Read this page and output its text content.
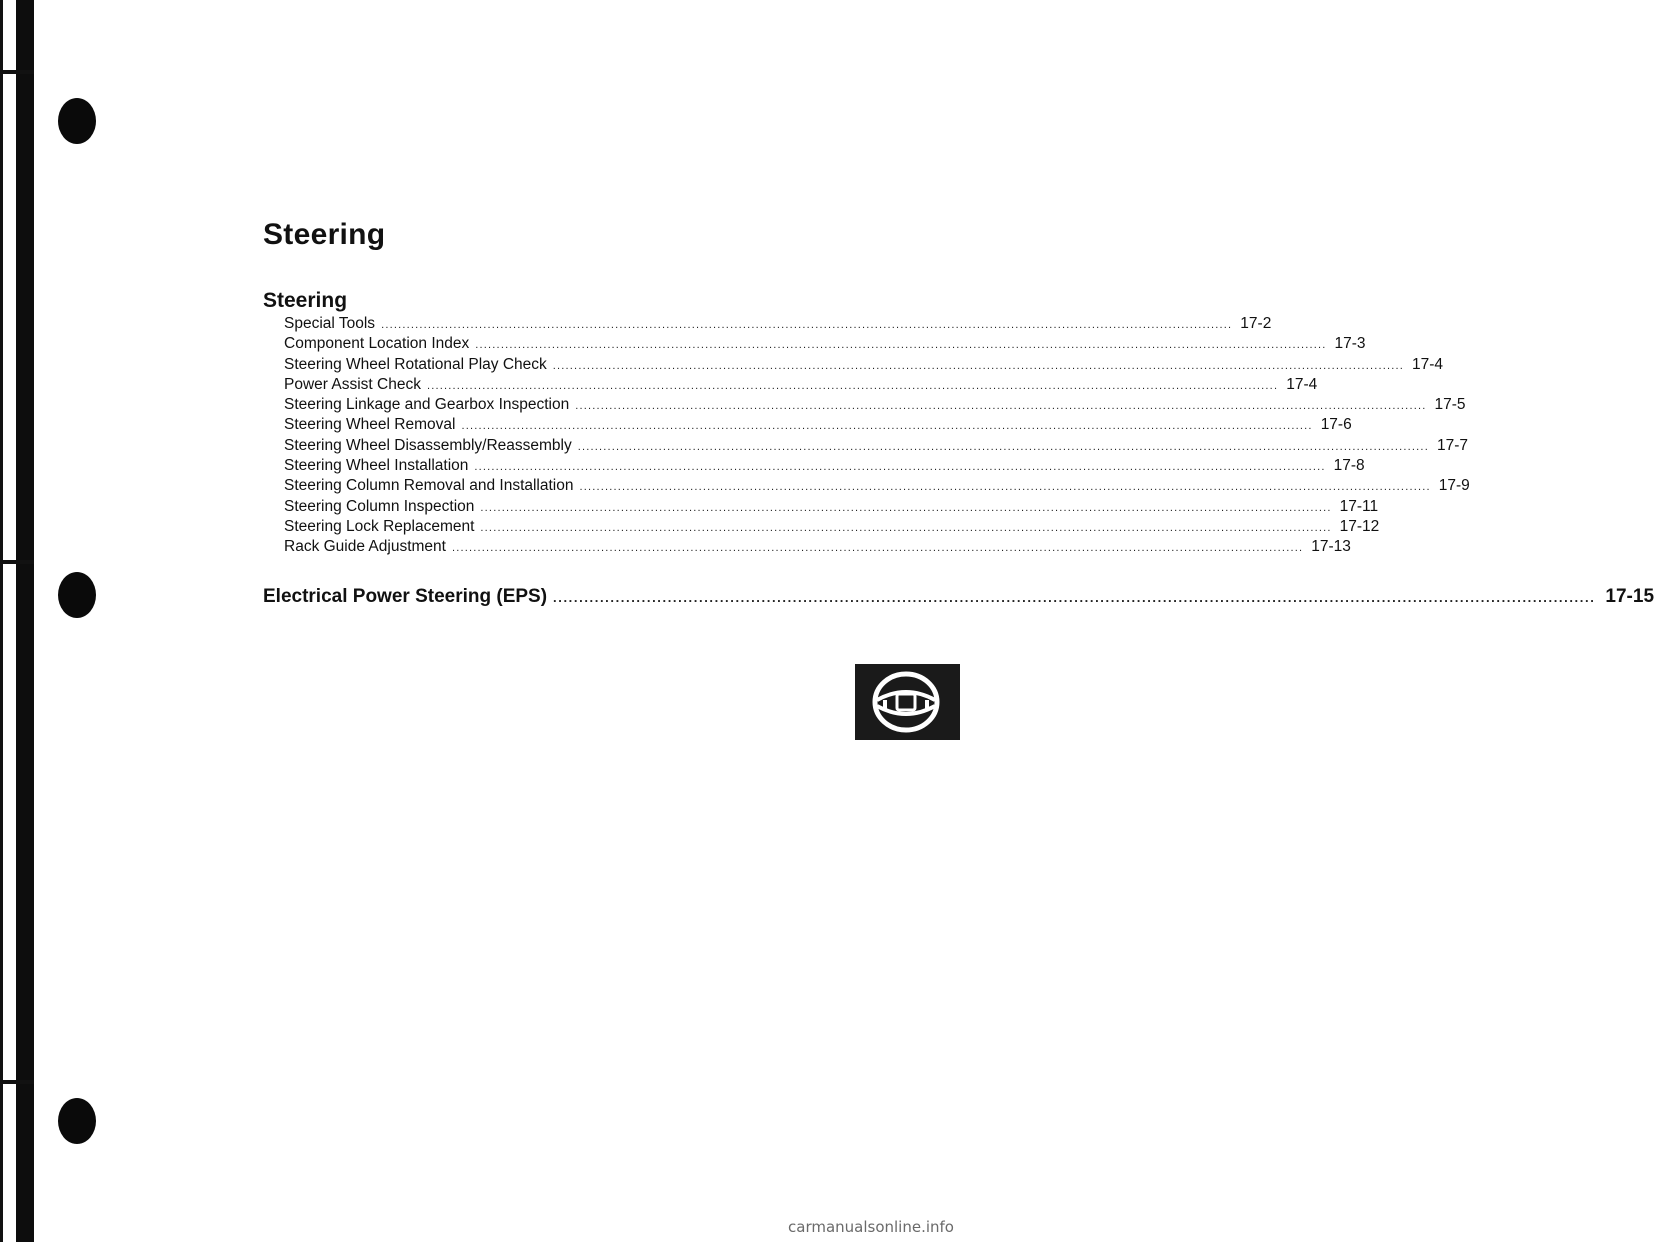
Steering
Steering
Special Tools ........................................................................................................................................................................................................ 17-2
Component Location Index ........................................................................................................................................................................................................ 17-3
Steering Wheel Rotational Play Check ........................................................................................................................................................................................................ 17-4
Power Assist Check ........................................................................................................................................................................................................ 17-4
Steering Linkage and Gearbox Inspection ........................................................................................................................................................................................................ 17-5
Steering Wheel Removal ........................................................................................................................................................................................................ 17-6
Steering Wheel Disassembly/Reassembly ........................................................................................................................................................................................................ 17-7
Steering Wheel Installation ........................................................................................................................................................................................................ 17-8
Steering Column Removal and Installation ........................................................................................................................................................................................................ 17-9
Steering Column Inspection ........................................................................................................................................................................................................ 17-11
Steering Lock Replacement ........................................................................................................................................................................................................ 17-12
Rack Guide Adjustment ........................................................................................................................................................................................................ 17-13
Electrical Power Steering (EPS) ........................................................................................................................................................................................................ 17-15
carmanualsonline.info
